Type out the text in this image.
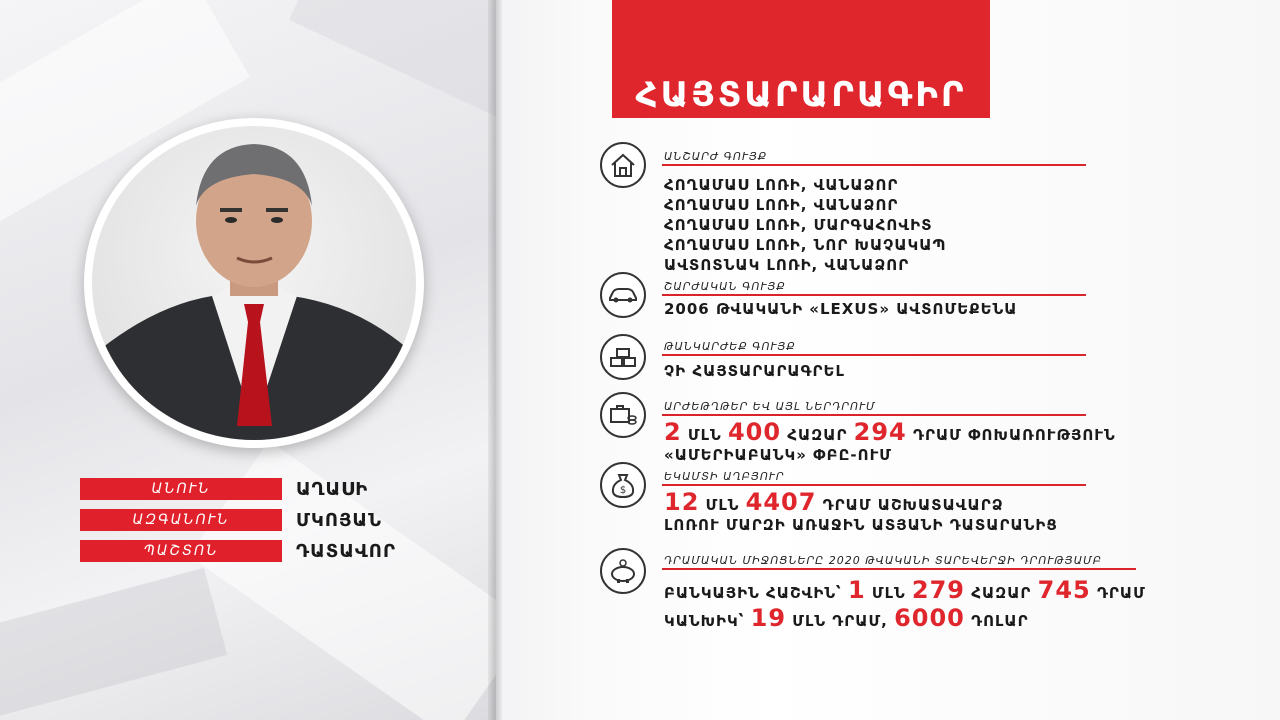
ԱՆՈՒՆ	ԱՂԱՍԻ
ԱԶԳԱՆՈՒՆ	ՄԿՈՅԱՆ
ՊԱՇՏՈՆ	ԴԱՏԱՎՈՐ
ՀԱՅՏԱՐԱՐԱԳԻՐ
ԱՆՇԱՐԺ ԳՈՒՅՔ
ՀՈՂԱՄԱՍ ԼՈՌԻ, ՎԱՆԱՁՈՐ
ՀՈՂԱՄԱՍ ԼՈՌԻ, ՎԱՆԱՁՈՐ
ՀՈՂԱՄԱՍ ԼՈՌԻ, ՄԱՐԳԱՀՈՎԻՏ
ՀՈՂԱՄԱՍ ԼՈՌԻ, ՆՈՐ ԽԱՉԱԿԱՊ
ԱՎՏՈՏՆԱԿ ԼՈՌԻ, ՎԱՆԱՁՈՐ
ՇԱՐԺԱԿԱՆ ԳՈՒՅՔ
2006 ԹՎԱԿԱՆԻ «LEXUS» ԱՎՏՈՄԵՔԵՆԱ
ԹԱՆԿԱՐԺԵՔ ԳՈՒՅՔ
ՉԻ ՀԱՅՏԱՐԱՐԱԳՐԵԼ
ԱՐԺԵԹՂԹԵՐ ԵՎ ԱՅԼ ՆԵՐԴՐՈՒՄ
2 ՄԼՆ 400 ՀԱԶԱՐ 294 ԴՐԱՄ ՓՈԽԱՌՈՒԹՅՈՒՆ
«ԱՄԵՐԻԱԲԱՆԿ» ՓԲԸ-ՈՒՄ
$
ԵԿԱՄՏԻ ԱՂԲՅՈՒՐ
12 ՄԼՆ 4407 ԴՐԱՄ ԱՇԽԱՏԱՎԱՐՁ
ԼՈՌՈՒ ՄԱՐԶԻ ԱՌԱՋԻՆ ԱՏՅԱՆԻ ԴԱՏԱՐԱՆԻՑ
ԴՐԱՄԱԿԱՆ ՄԻՋՈՑՆԵՐԸ 2020 ԹՎԱԿԱՆԻ ՏԱՐԵՎԵՐՋԻ ԴՐՈՒԹՅԱՄԲ
ԲԱՆԿԱՅԻՆ ՀԱՇՎԻՆ՝ 1 ՄԼՆ 279 ՀԱԶԱՐ 745 ԴՐԱՄ
ԿԱՆԽԻԿ՝ 19 ՄԼՆ ԴՐԱՄ, 6000 ԴՈԼԱՐ
